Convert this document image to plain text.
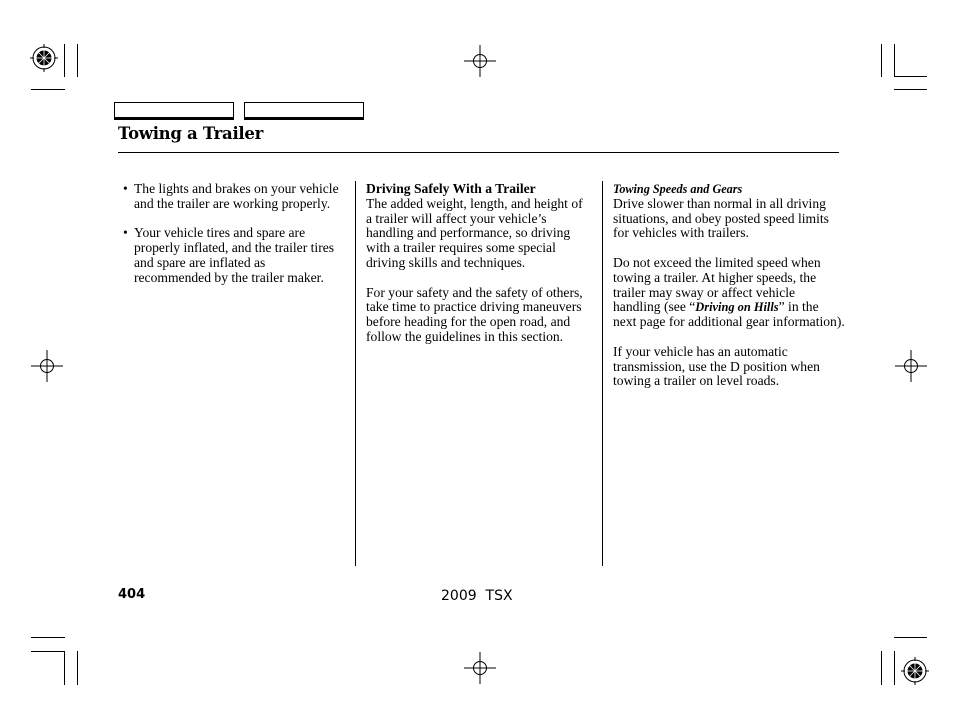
Towing a Trailer
• The lights and brakes on your vehicle and the trailer are working properly.
• Your vehicle tires and spare are properly inflated, and the trailer tires and spare are inflated as recommended by the trailer maker.
Driving Safely With a Trailer

The added weight, length, and height of a trailer will affect your vehicle’s handling and performance, so driving with a trailer requires some special driving skills and techniques.

For your safety and the safety of others, take time to practice driving maneuvers before heading for the open road, and follow the guidelines in this section.

Towing Speeds and Gears

Drive slower than normal in all driving situations, and obey posted speed limits for vehicles with trailers.

Do not exceed the limited speed when towing a trailer. At higher speeds, the trailer may sway or affect vehicle handling (see “Driving on Hills” in the next page for additional gear information).

If your vehicle has an automatic transmission, use the D position when towing a trailer on level roads.

404	2009  TSX
